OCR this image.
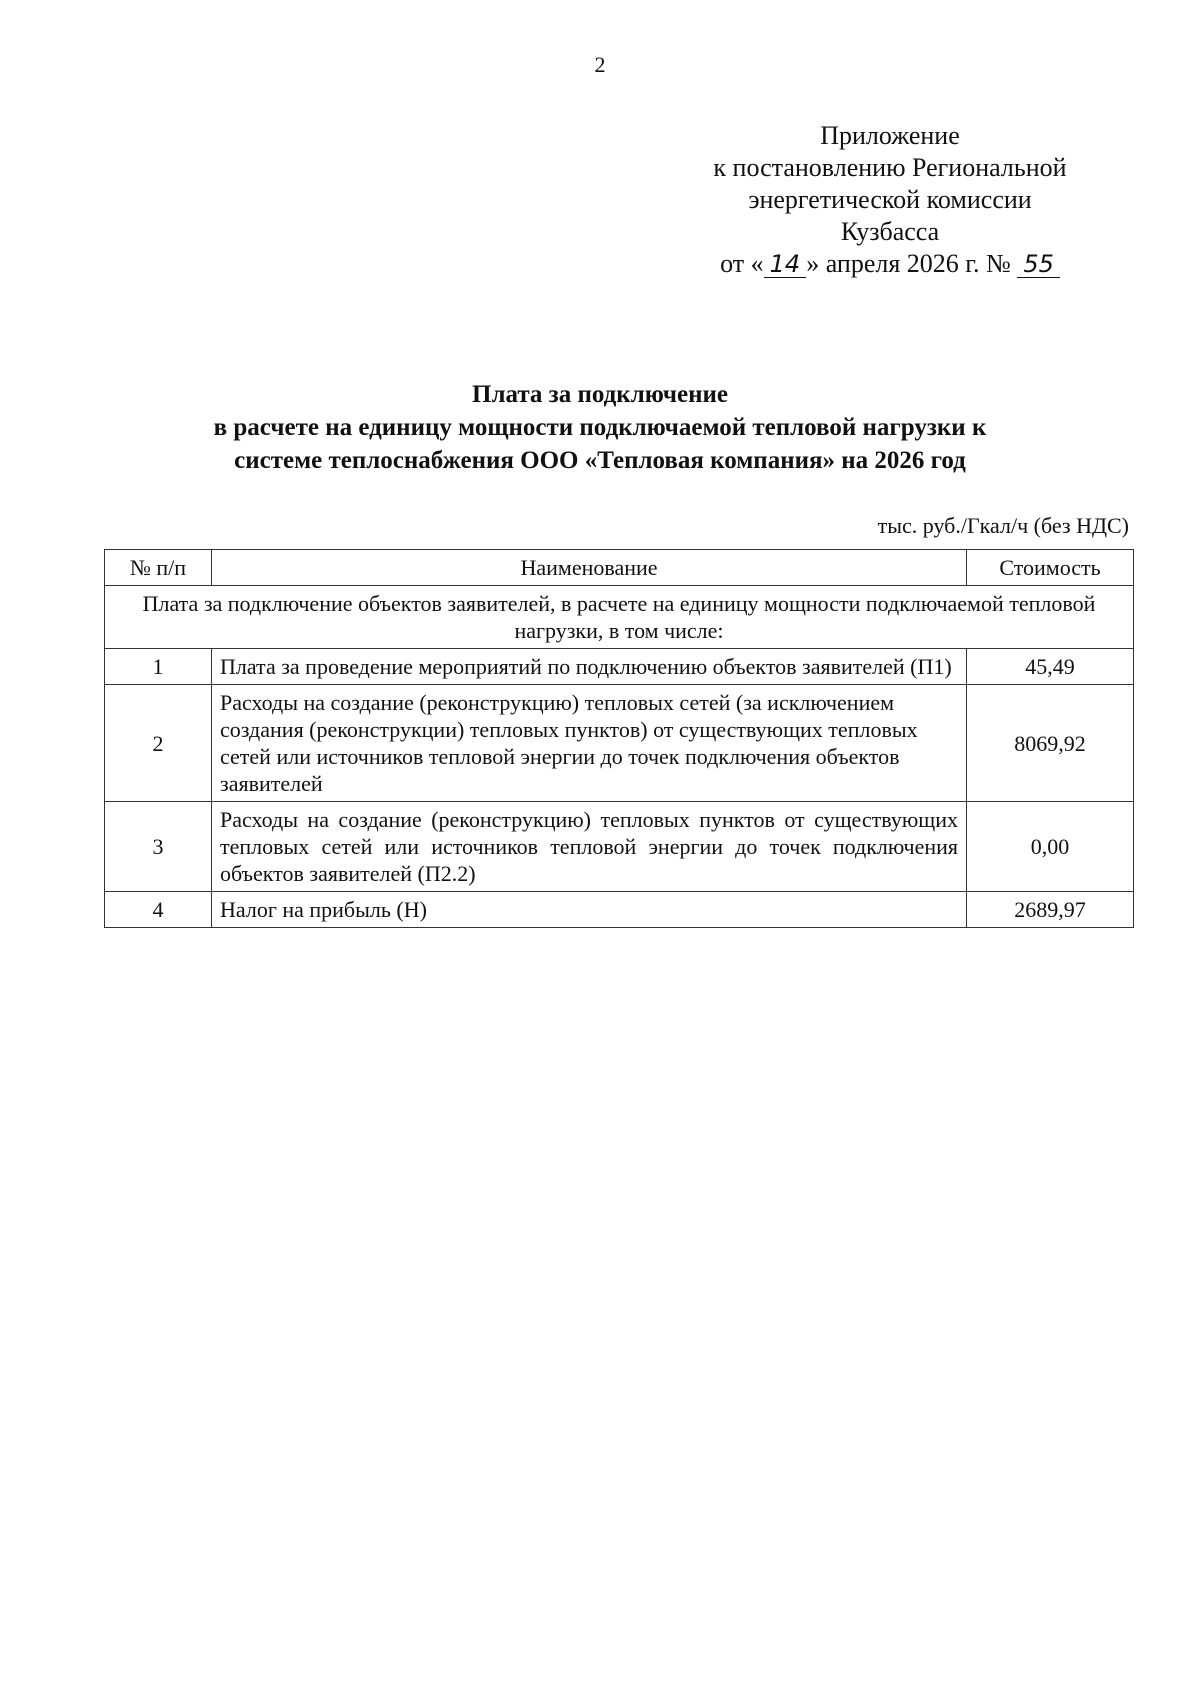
2
Приложение
к постановлению Региональной
энергетической комиссии
Кузбасса
от « 14 » апреля 2026 г. № 55
Плата за подключение
в расчете на единицу мощности подключаемой тепловой нагрузки к
системе теплоснабжения ООО «Тепловая компания» на 2026 год
тыс. руб./Гкал/ч (без НДС)
№ п/п	Наименование	Стоимость
Плата за подключение объектов заявителей, в расчете на единицу мощности подключаемой тепловой нагрузки, в том числе:		
1	Плата за проведение мероприятий по подключению объектов заявителей (П1)	45,49
2	Расходы на создание (реконструкцию) тепловых сетей (за исключением создания (реконструкции) тепловых пунктов) от существующих тепловых сетей или источников тепловой энергии до точек подключения объектов заявителей	8069,92
3	Расходы на создание (реконструкцию) тепловых пунктов от существующих тепловых сетей или источников тепловой энергии до точек подключения объектов заявителей (П2.2)	0,00
4	Налог на прибыль (Н)	2689,97
